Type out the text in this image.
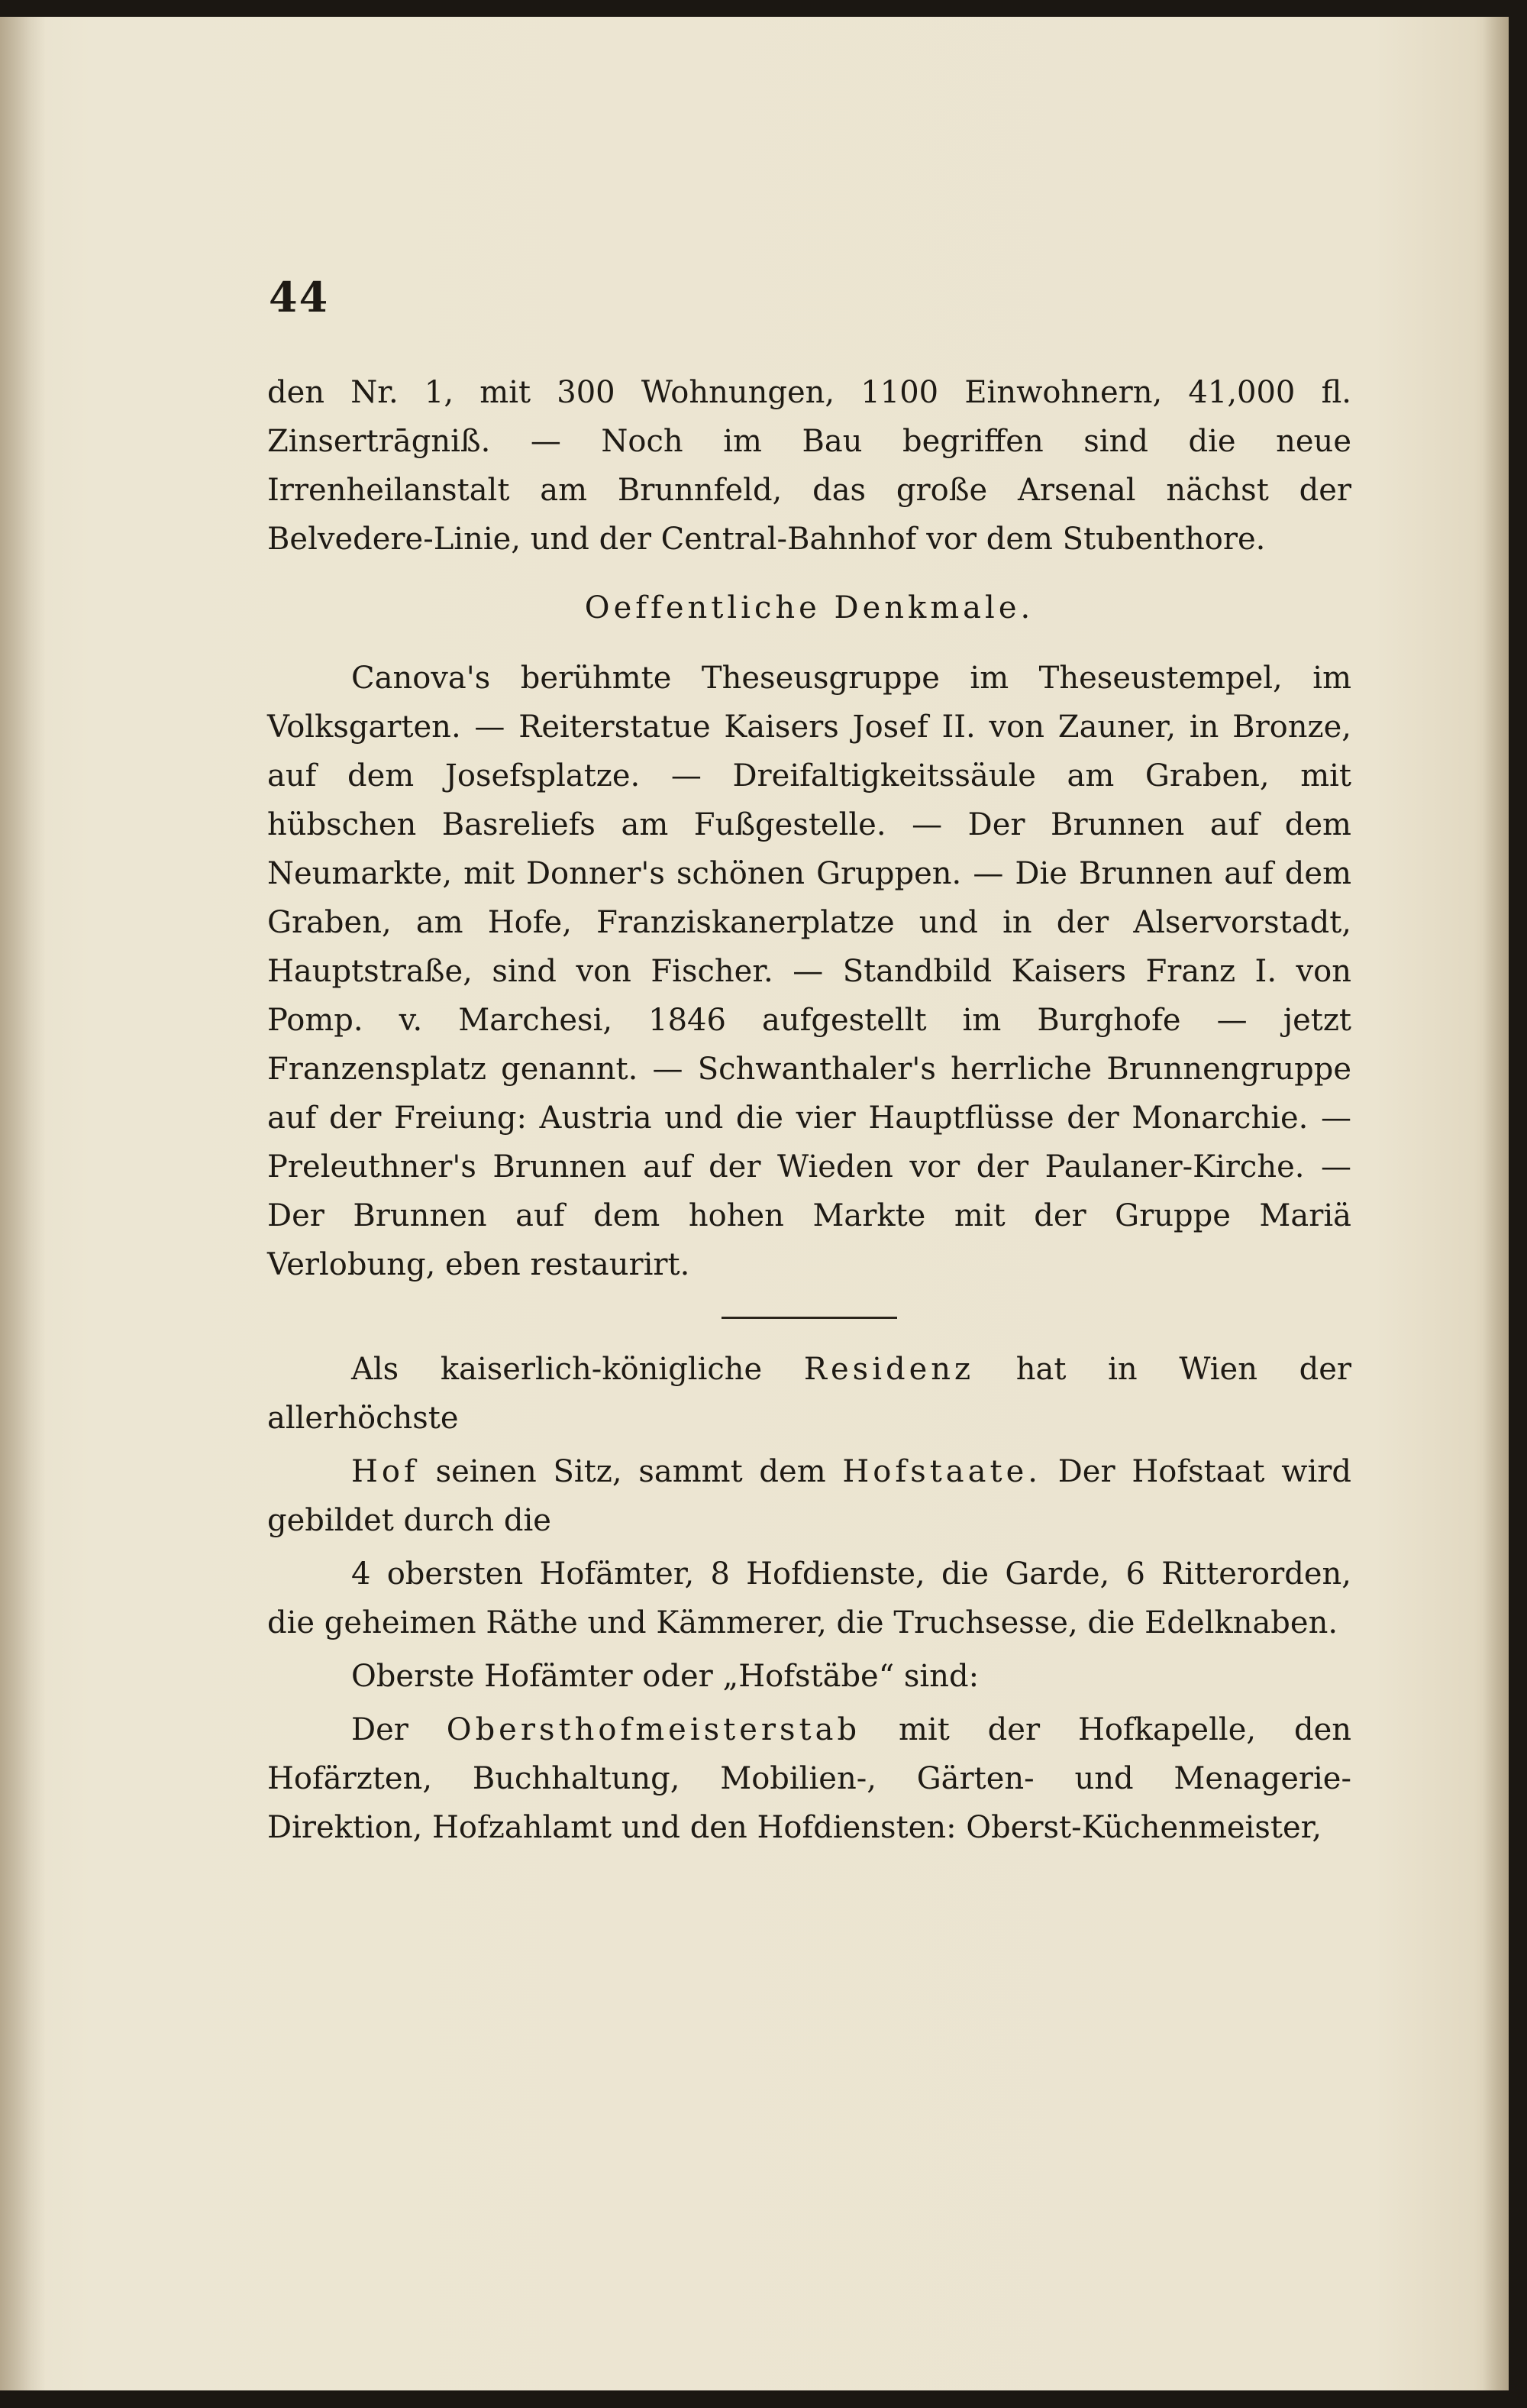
44

den Nr. 1, mit 300 Wohnungen, 1100 Einwohnern, 41,000 fl. Zinsertrāgniß. — Noch im Bau begriffen sind die neue Irrenheilanstalt am Brunnfeld, das große Arsenal nächst der Belvedere-Linie, und der Central-Bahnhof vor dem Stubenthore.

Oeffentliche Denkmale.

Canova's berühmte Theseusgruppe im Theseustempel, im Volksgarten. — Reiterstatue Kaisers Josef II. von Zauner, in Bronze, auf dem Josefsplatze. — Dreifaltigkeitssäule am Graben, mit hübschen Basreliefs am Fußgestelle. — Der Brunnen auf dem Neumarkte, mit Donner's schönen Gruppen. — Die Brunnen auf dem Graben, am Hofe, Franziskanerplatze und in der Alservorstadt, Hauptstraße, sind von Fischer. — Standbild Kaisers Franz I. von Pomp. v. Marchesi, 1846 aufgestellt im Burghofe — jetzt Franzensplatz genannt. — Schwanthaler's herrliche Brunnengruppe auf der Freiung: Austria und die vier Hauptflüsse der Monarchie. — Preleuthner's Brunnen auf der Wieden vor der Paulaner-Kirche. — Der Brunnen auf dem hohen Markte mit der Gruppe Mariä Verlobung, eben restaurirt.

Als kaiserlich-königliche Residenz hat in Wien der allerhöchste

Hof seinen Sitz, sammt dem Hofstaate. Der Hofstaat wird gebildet durch die

4 obersten Hofämter, 8 Hofdienste, die Garde, 6 Ritterorden, die geheimen Räthe und Kämmerer, die Truchsesse, die Edelknaben.

Oberste Hofämter oder „Hofstäbe“ sind:

Der Obersthofmeisterstab mit der Hofkapelle, den Hofärzten, Buchhaltung, Mobilien-, Gärten- und Menagerie-Direktion, Hofzahlamt und den Hofdiensten: Oberst-Küchenmeister,
